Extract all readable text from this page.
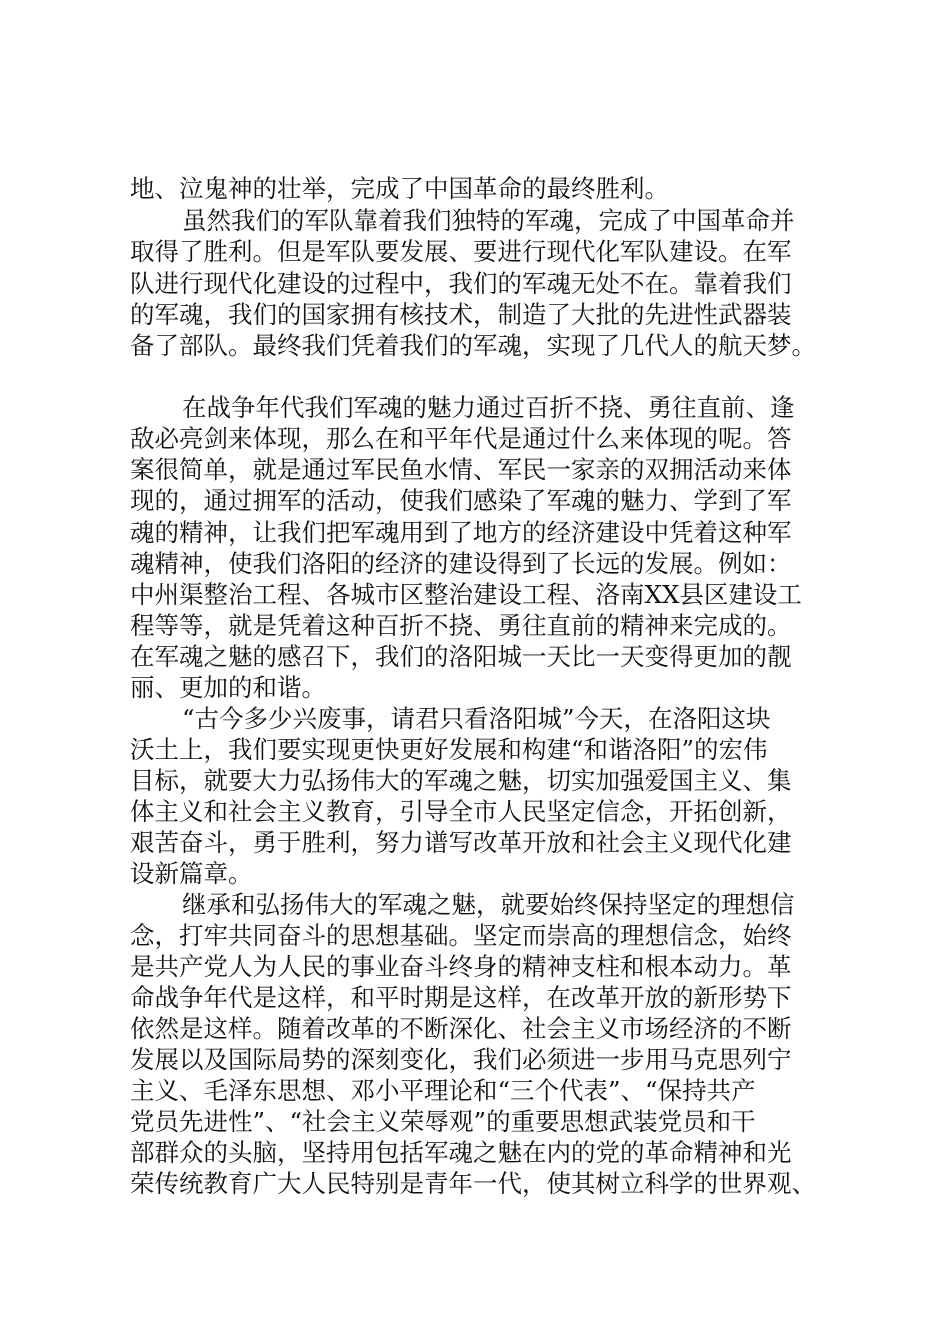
地、泣鬼神的壮举，完成了中国革命的最终胜利。
虽然我们的军队靠着我们独特的军魂，完成了中国革命并
取得了胜利。但是军队要发展、要进行现代化军队建设。在军
队进行现代化建设的过程中，我们的军魂无处不在。靠着我们
的军魂，我们的国家拥有核技术，制造了大批的先进性武器装
备了部队。最终我们凭着我们的军魂，实现了几代人的航天梦。
在战争年代我们军魂的魅力通过百折不挠、勇往直前、逢
敌必亮剑来体现，那么在和平年代是通过什么来体现的呢。答
案很简单，就是通过军民鱼水情、军民一家亲的双拥活动来体
现的，通过拥军的活动，使我们感染了军魂的魅力、学到了军
魂的精神，让我们把军魂用到了地方的经济建设中凭着这种军
魂精神，使我们洛阳的经济的建设得到了长远的发展。例如：
中州渠整治工程、各城市区整治建设工程、洛南XX县区建设工
程等等，就是凭着这种百折不挠、勇往直前的精神来完成的。
在军魂之魅的感召下，我们的洛阳城一天比一天变得更加的靓
丽、更加的和谐。
“古今多少兴废事，请君只看洛阳城”今天，在洛阳这块
沃土上，我们要实现更快更好发展和构建“和谐洛阳”的宏伟
目标，就要大力弘扬伟大的军魂之魅，切实加强爱国主义、集
体主义和社会主义教育，引导全市人民坚定信念，开拓创新，
艰苦奋斗，勇于胜利，努力谱写改革开放和社会主义现代化建
设新篇章。
继承和弘扬伟大的军魂之魅，就要始终保持坚定的理想信
念，打牢共同奋斗的思想基础。坚定而崇高的理想信念，始终
是共产党人为人民的事业奋斗终身的精神支柱和根本动力。革
命战争年代是这样，和平时期是这样，在改革开放的新形势下
依然是这样。随着改革的不断深化、社会主义市场经济的不断
发展以及国际局势的深刻变化，我们必须进一步用马克思列宁
主义、毛泽东思想、邓小平理论和“三个代表”、“保持共产
党员先进性”、“社会主义荣辱观”的重要思想武装党员和干
部群众的头脑，坚持用包括军魂之魅在内的党的革命精神和光
荣传统教育广大人民特别是青年一代，使其树立科学的世界观、
